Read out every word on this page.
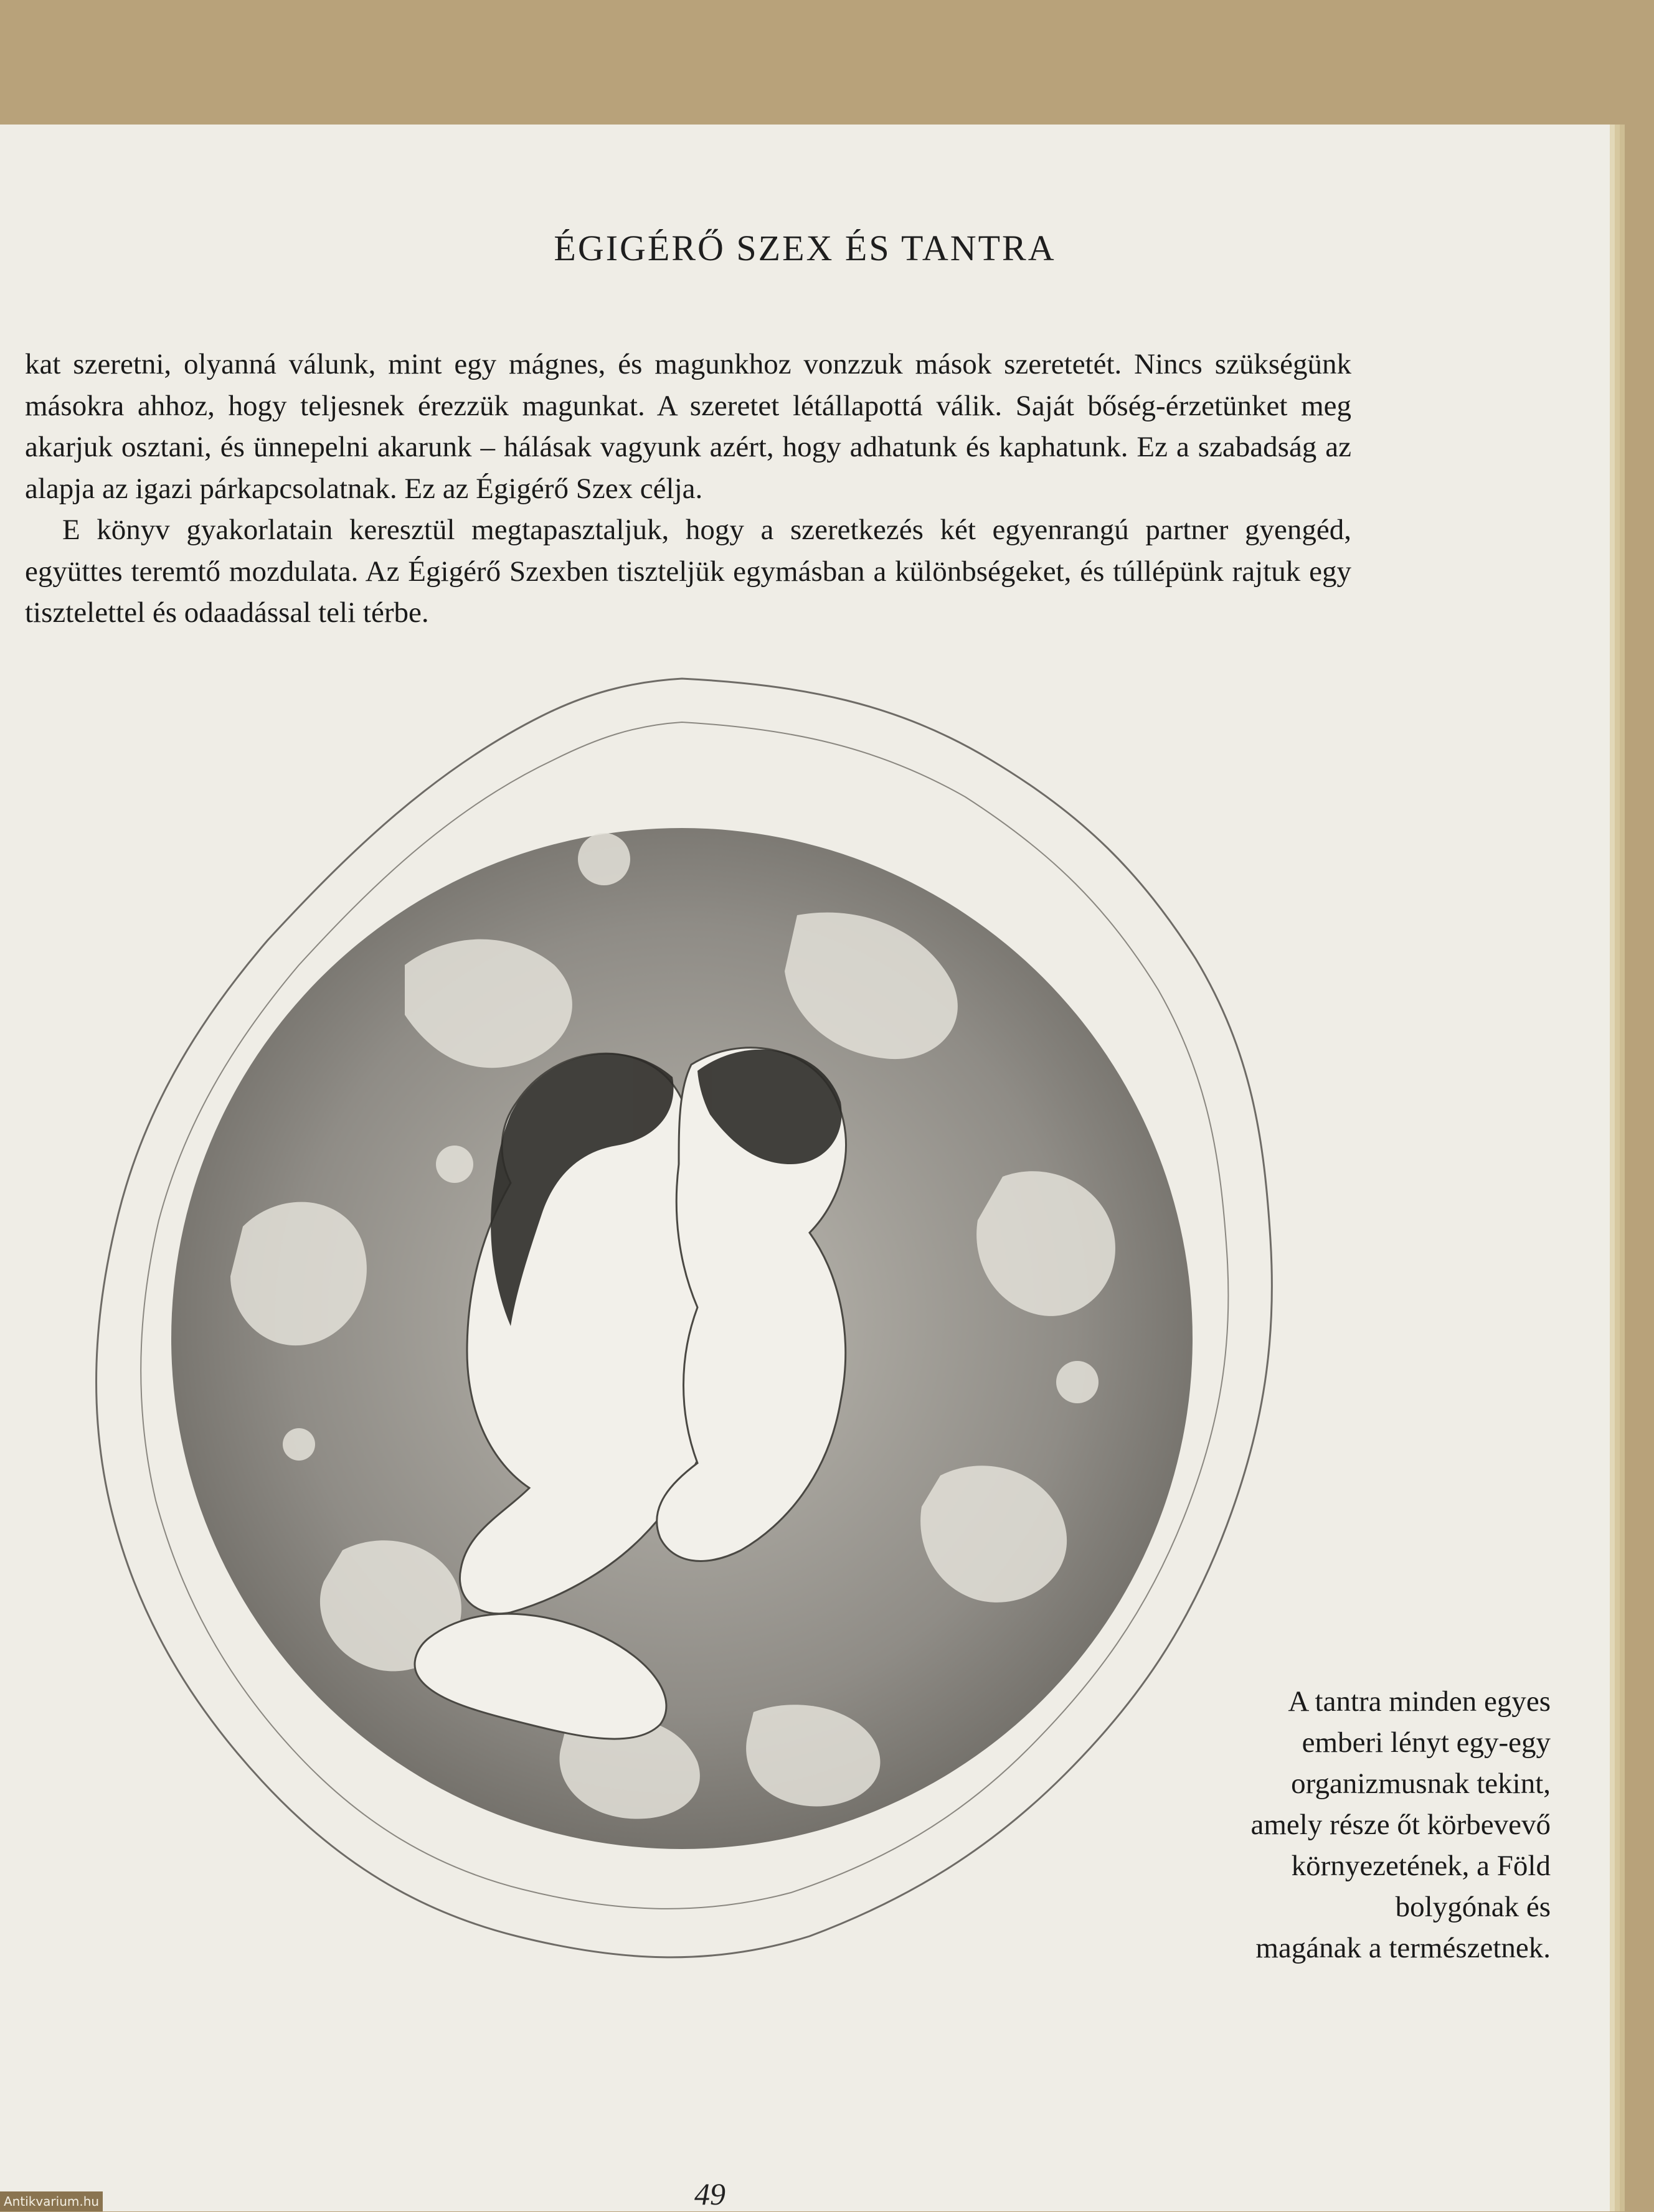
ÉGIGÉRŐ SZEX ÉS TANTRA

kat szeretni, olyanná válunk, mint egy mágnes, és magunkhoz vonzzuk mások szeretetét. Nincs szükségünk másokra ahhoz, hogy teljesnek érezzük magunkat. A szeretet létállapottá válik. Saját bőség-érzetünket meg akarjuk osztani, és ünnepelni akarunk – hálásak vagyunk azért, hogy adhatunk és kaphatunk. Ez a szabadság az alapja az igazi párkapcsolatnak. Ez az Égigérő Szex célja.

E könyv gyakorlatain keresztül megtapasztaljuk, hogy a szeretkezés két egyenrangú partner gyengéd, együttes teremtő mozdulata. Az Égigérő Szexben tiszteljük egymásban a különbségeket, és túllépünk rajtuk egy tisztelettel és odaadással teli térbe.

A tantra minden egyes
emberi lényt egy-egy
organizmusnak tekint,
amely része őt körbevevő
környezetének, a Föld
bolygónak és
magának a természetnek.
49
Antikvarium.hu
